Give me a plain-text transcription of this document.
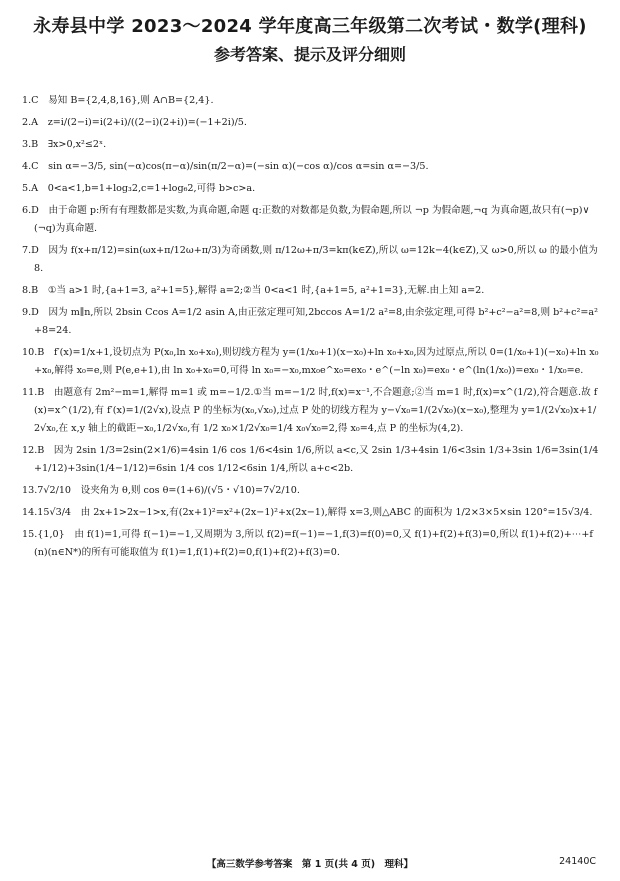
永寿县中学 2023～2024 学年度高三年级第二次考试・数学(理科)
参考答案、提示及评分细则
1.C  易知 B={2,4,8,16},则 A∩B={2,4}.
2.A  z=i/(2−i)=i(2+i)/((2−i)(2+i))=(−1+2i)/5.
3.B  ∃x>0,x²≤2ˣ.
4.C  sin α=−3/5, sin(−α)cos(π−α)/sin(π/2−α)=(−sin α)(−cos α)/cos α=sin α=−3/5.
5.A  0<a<1,b=1+log₃2,c=1+log₆2,可得 b>c>a.
6.D  由于命题 p:所有有理数都是实数,为真命题,命题 q:正数的对数都是负数,为假命题,所以 ¬p 为假命题,¬q 为真命题,故只有(¬p)∨(¬q)为真命题.
7.D  因为 f(x+π/12)=sin(ωx+π/12ω+π/3)为奇函数,则 π/12ω+π/3=kπ(k∈Z),所以 ω=12k−4(k∈Z),又 ω>0,所以 ω 的最小值为 8.
8.B  ①当 a>1 时,{a+1=3, a²+1=5},解得 a=2;②当 0<a<1 时,{a+1=5, a²+1=3},无解.由上知 a=2.
9.D  因为 m∥n,所以 2bsin Ccos A=1/2 asin A,由正弦定理可知,2bccos A=1/2 a²=8,由余弦定理,可得 b²+c²−a²=8,则 b²+c²=a²+8=24.
10.B  f′(x)=1/x+1,设切点为 P(x₀,ln x₀+x₀),则切线方程为 y=(1/x₀+1)(x−x₀)+ln x₀+x₀,因为过原点,所以 0=(1/x₀+1)(−x₀)+ln x₀+x₀,解得 x₀=e,则 P(e,e+1),由 ln x₀+x₀=0,可得 ln x₀=−x₀,mx₀e^x₀=ex₀・e^(−ln x₀)=ex₀・e^(ln(1/x₀))=ex₀・1/x₀=e.
11.B  由题意有 2m²−m=1,解得 m=1 或 m=−1/2.①当 m=−1/2 时,f(x)=x⁻¹,不合题意;②当 m=1 时,f(x)=x^(1/2),符合题意.故 f(x)=x^(1/2),有 f′(x)=1/(2√x),设点 P 的坐标为(x₀,√x₀),过点 P 处的切线方程为 y−√x₀=1/(2√x₀)(x−x₀),整理为 y=1/(2√x₀)x+1/2√x₀,在 x,y 轴上的截距−x₀,1/2√x₀,有 1/2 x₀×1/2√x₀=1/4 x₀√x₀=2,得 x₀=4,点 P 的坐标为(4,2).
12.B  因为 2sin 1/3=2sin(2×1/6)=4sin 1/6 cos 1/6<4sin 1/6,所以 a<c,又 2sin 1/3+4sin 1/6<3sin 1/3+3sin 1/6=3sin(1/4+1/12)+3sin(1/4−1/12)=6sin 1/4 cos 1/12<6sin 1/4,所以 a+c<2b.
13.7√2/10  设夹角为 θ,则 cos θ=(1+6)/(√5・√10)=7√2/10.
14.15√3/4  由 2x+1>2x−1>x,有(2x+1)²=x²+(2x−1)²+x(2x−1),解得 x=3,则△ABC 的面积为 1/2×3×5×sin 120°=15√3/4.
15.{1,0}  由 f(1)=1,可得 f(−1)=−1,又周期为 3,所以 f(2)=f(−1)=−1,f(3)=f(0)=0,又 f(1)+f(2)+f(3)=0,所以 f(1)+f(2)+⋯+f(n)(n∈N*)的所有可能取值为 f(1)=1,f(1)+f(2)=0,f(1)+f(2)+f(3)=0.
【高三数学参考答案　第 1 页(共 4 页)　理科】	24140C
